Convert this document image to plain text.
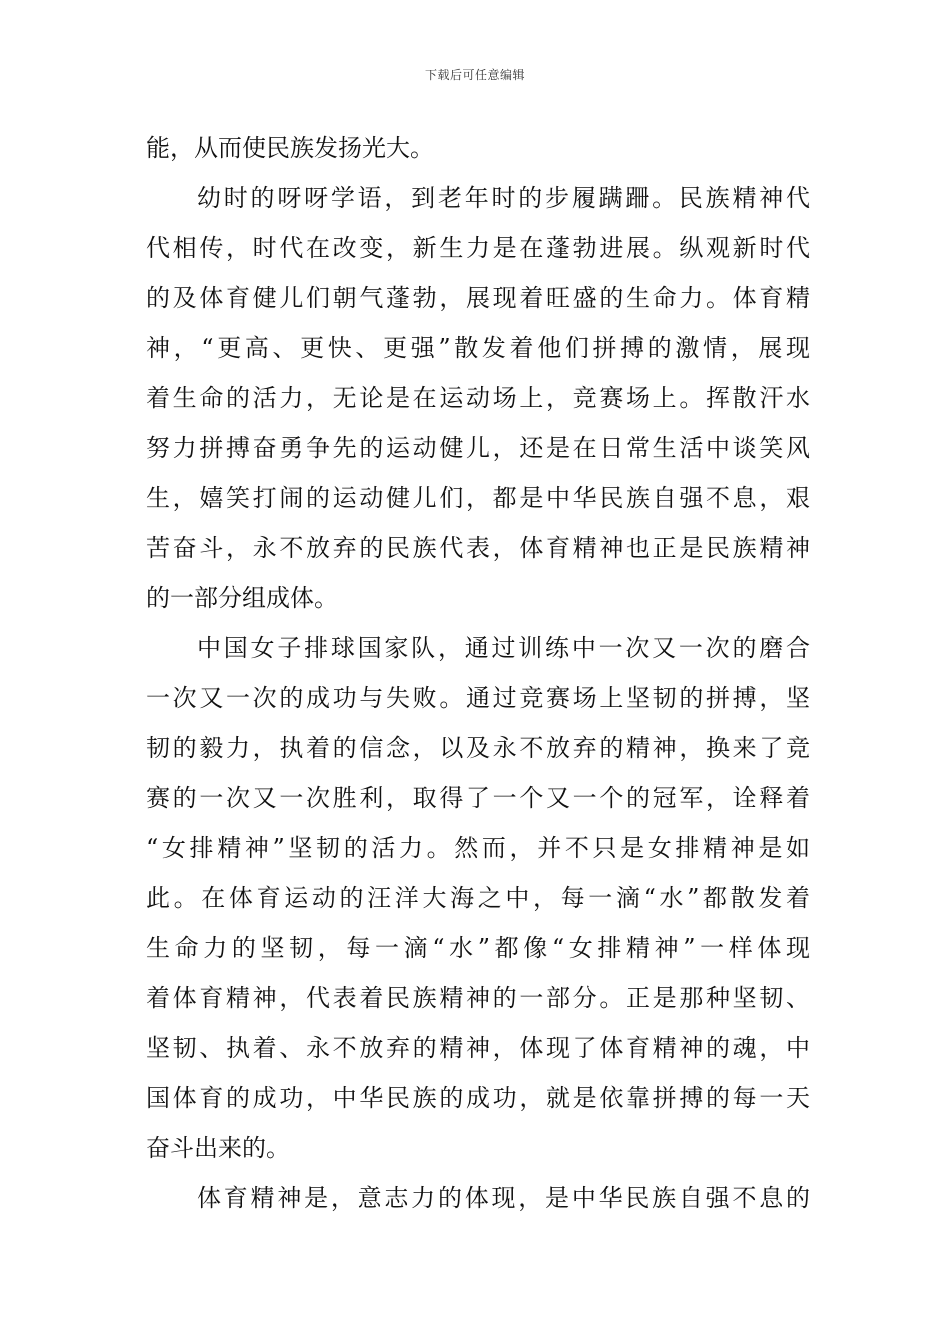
下载后可任意编辑
能，从而使民族发扬光大。
幼时的呀呀学语，到老年时的步履蹒跚。民族精神代
代相传，时代在改变，新生力是在蓬勃进展。纵观新时代
的及体育健儿们朝气蓬勃，展现着旺盛的生命力。体育精
神，“更高、更快、更强”散发着他们拼搏的激情，展现
着生命的活力，无论是在运动场上，竞赛场上。挥散汗水
努力拼搏奋勇争先的运动健儿，还是在日常生活中谈笑风
生，嬉笑打闹的运动健儿们，都是中华民族自强不息，艰
苦奋斗，永不放弃的民族代表，体育精神也正是民族精神
的一部分组成体。
中国女子排球国家队，通过训练中一次又一次的磨合
一次又一次的成功与失败。通过竞赛场上坚韧的拼搏，坚
韧的毅力，执着的信念，以及永不放弃的精神，换来了竞
赛的一次又一次胜利，取得了一个又一个的冠军，诠释着
“女排精神”坚韧的活力。然而，并不只是女排精神是如
此。在体育运动的汪洋大海之中，每一滴“水”都散发着
生命力的坚韧，每一滴“水”都像“女排精神”一样体现
着体育精神，代表着民族精神的一部分。正是那种坚韧、
坚韧、执着、永不放弃的精神，体现了体育精神的魂，中
国体育的成功，中华民族的成功，就是依靠拼搏的每一天
奋斗出来的。
体育精神是，意志力的体现，是中华民族自强不息的
